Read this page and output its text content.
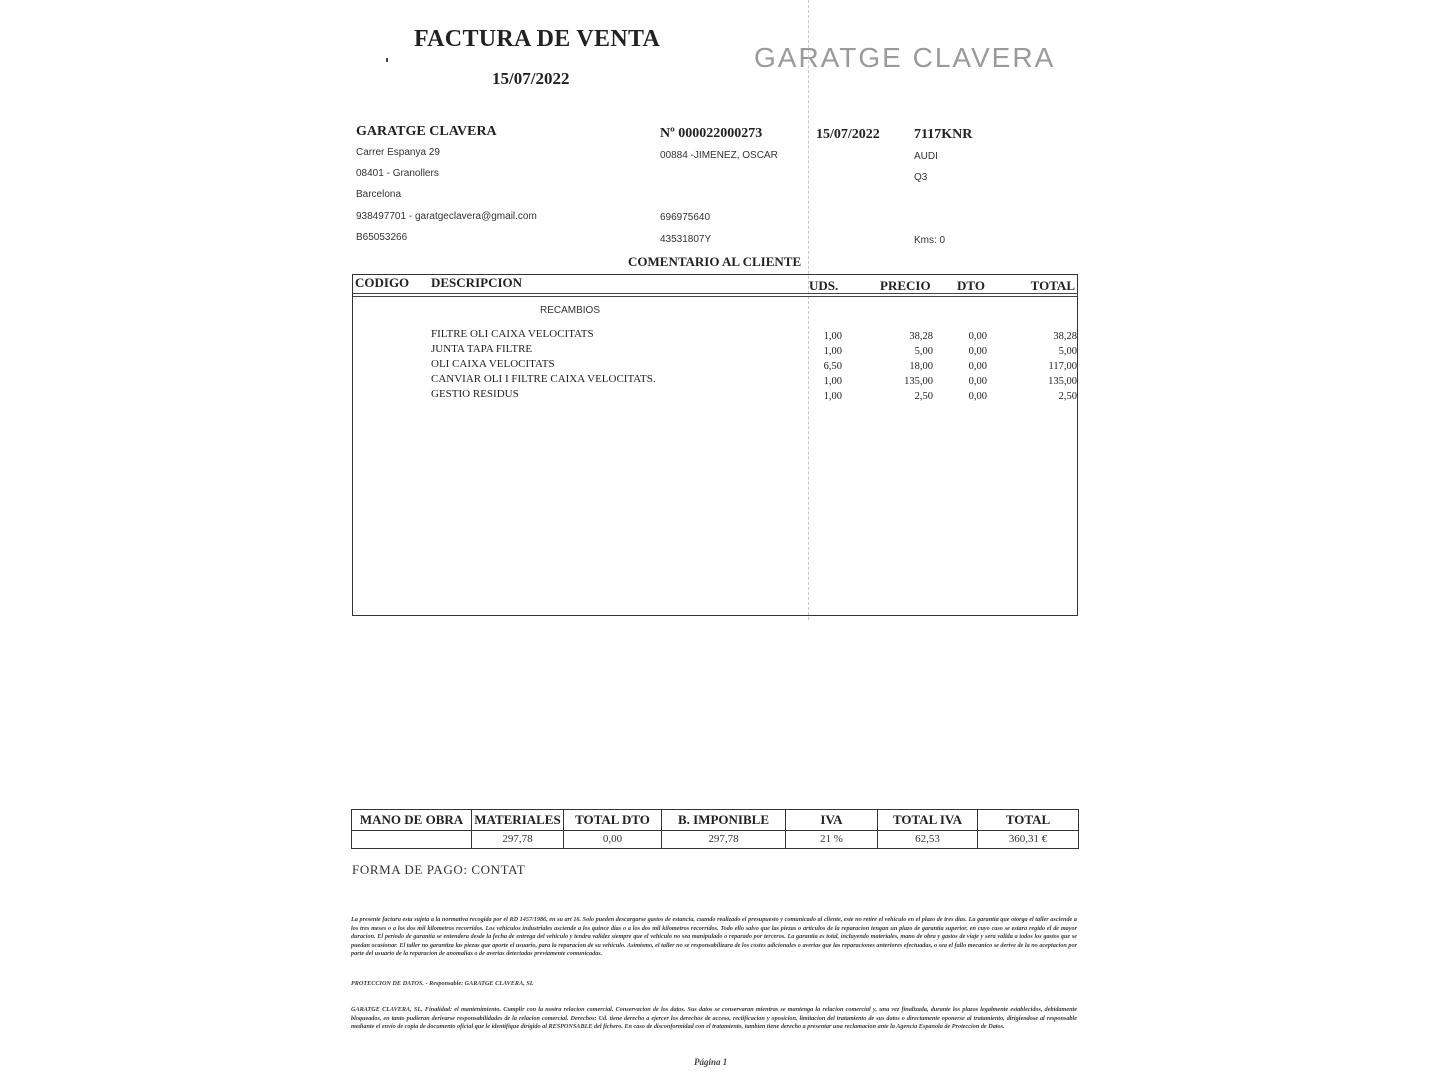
FACTURA DE VENTA
15/07/2022
GARATGE CLAVERA
GARATGE CLAVERA
Carrer Espanya 29
08401 - Granollers
Barcelona
938497701 - garatgeclavera@gmail.com
B65053266
Nº 000022000273
00884 -JIMENEZ, OSCAR
696975640
43531807Y
15/07/2022 7117KNR
AUDI
Q3
Kms: 0
COMENTARIO AL CLIENTE
CODIGO DESCRIPCION	UDS.	PRECIO DTO	TOTAL
RECAMBIOS
FILTRE OLI CAIXA VELOCITATS	1,00	38,28	0,00	38,28
JUNTA TAPA FILTRE	1,00	5,00	0,00	5,00
OLI CAIXA VELOCITATS	6,50	18,00	0,00	117,00
CANVIAR OLI I FILTRE CAIXA VELOCITATS.	1,00	135,00	0,00	135,00
GESTIO RESIDUS	1,00	2,50	0,00	2,50
MANO DE OBRA	MATERIALES	TOTAL DTO	B. IMPONIBLE	IVA	TOTAL IVA	TOTAL
	297,78	0,00	297,78	21 %	62,53	360,31 €
FORMA DE PAGO: CONTAT
La presente factura esta sujeta a la normativa recogida por el RD 1457/1986, en su art 16. Solo pueden descargarse gastos de estancia, cuando realizado el presupuesto y comunicado al cliente, este no retire el vehiculo en el plazo de tres dias. La garantia que otorga el taller asciende a los tres meses o a los dos mil kilometros recorridos. Los vehiculos industriales asciende a los quince dias o a los dos mil kilometros recorridos. Todo ello salvo que las piezas o articulos de la reparacion tengan un plazo de garantia superior, en cuyo caso se estara regido el de mayor duracion. El periodo de garantia se entendera desde la fecha de entrega del vehiculo y tendra validez siempre que el vehiculo no sea manipulado o reparado por terceros. La garantia es total, incluyendo materiales, mano de obra y gastos de viaje y sera valida a todos los gastos que se puedan ocasionar. El taller no garantiza las piezas que aporte el usuario, para la reparacion de su vehiculo. Asimismo, el taller no se responsabilizara de los costes adicionales o averias que las reparaciones anteriores efectuadas, o sea el fallo mecanico se derive de la no aceptacion por parte del usuario de la reparacion de anomalias o de averias detectadas previamente comunicadas.
PROTECCION DE DATOS. - Responsable: GARATGE CLAVERA, SL
GARATGE CLAVERA, SL. Finalidad: el mantenimiento. Cumplir con la nostra relacion comercial. Conservacion de los datos. Sus datos se conservaran mientras se mantenga la relacion comercial y, una vez finalizada, durante los plazos legalmente establecidos, debidamente bloqueados, en tanto pudieran derivarse responsabilidades de la relacion comercial. Derechos: Ud. tiene derecho a ejercer los derechos de acceso, rectificacion y oposicion, limitacion del tratamiento de sus datos o directamente oponerse al tratamiento, dirigiendose al responsable mediante el envio de copia de documento oficial que le identifique dirigido al RESPONSABLE del fichero. En caso de disconformidad con el tratamiento, tambien tiene derecho a presentar una reclamacion ante la Agencia Espanola de Proteccion de Datos.
Página 1
